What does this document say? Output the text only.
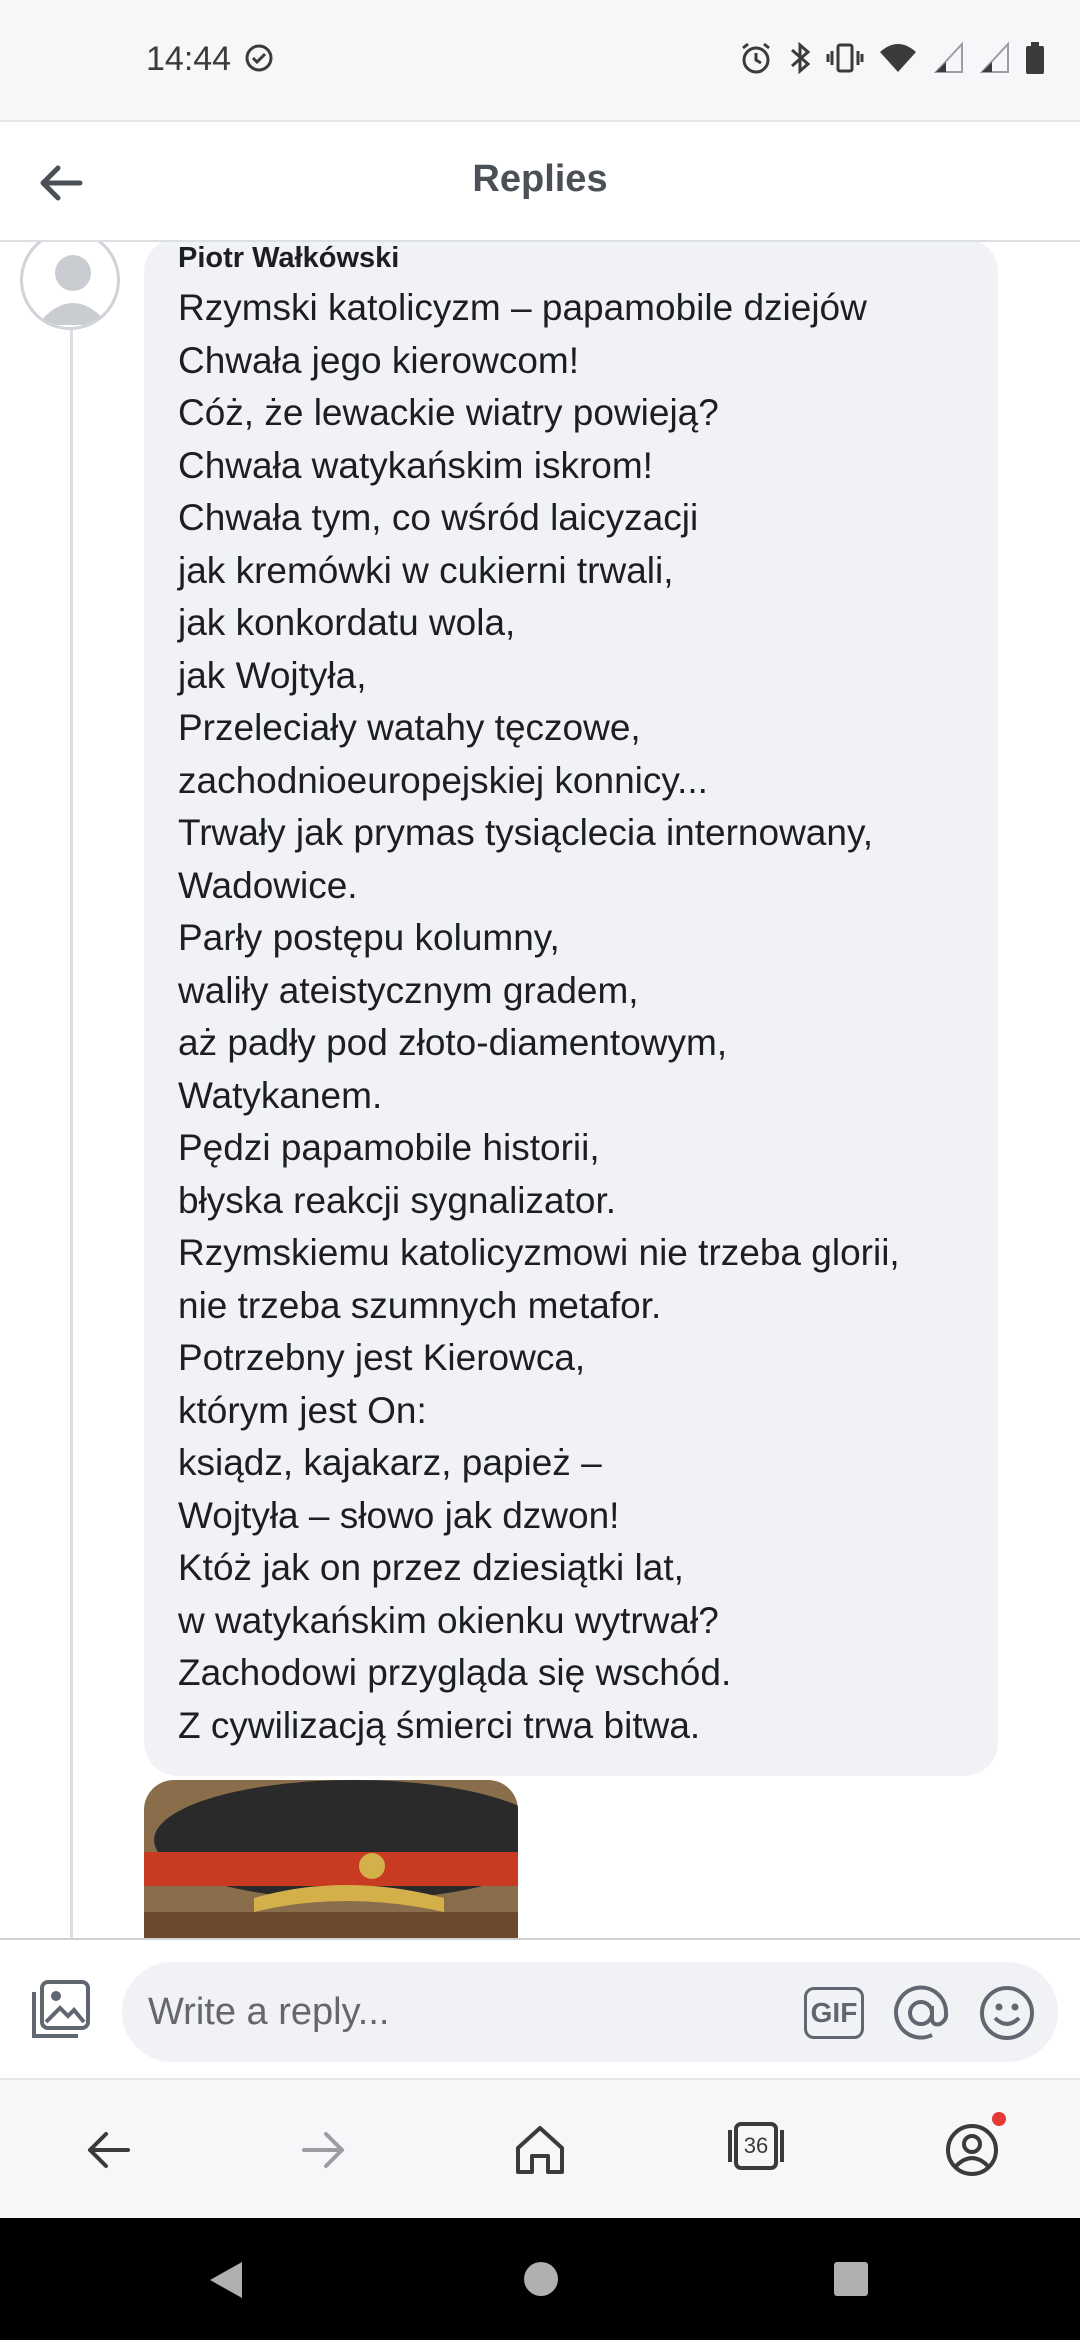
14:44
Replies
Piotr Wałkówski
Rzymski katolicyzm – papamobile dziejów
Chwała jego kierowcom!
Cóż, że lewackie wiatry powieją?
Chwała watykańskim iskrom!
Chwała tym, co wśród laicyzacji
jak kremówki w cukierni trwali,
jak konkordatu wola,
jak Wojtyła,
Przeleciały watahy tęczowe,
zachodnioeuropejskiej konnicy...
Trwały jak prymas tysiąclecia internowany,
Wadowice.
Parły postępu kolumny,
waliły ateistycznym gradem,
aż padły pod złoto-diamentowym,
Watykanem.
Pędzi papamobile historii,
błyska reakcji sygnalizator.
Rzymskiemu katolicyzmowi nie trzeba glorii,
nie trzeba szumnych metafor.
Potrzebny jest Kierowca,
którym jest On:
ksiądz, kajakarz, papież –
Wojtyła – słowo jak dzwon!
Któż jak on przez dziesiątki lat,
w watykańskim okienku wytrwał?
Zachodowi przygląda się wschód.
Z cywilizacją śmierci trwa bitwa.
Write a reply...
GIF
36
